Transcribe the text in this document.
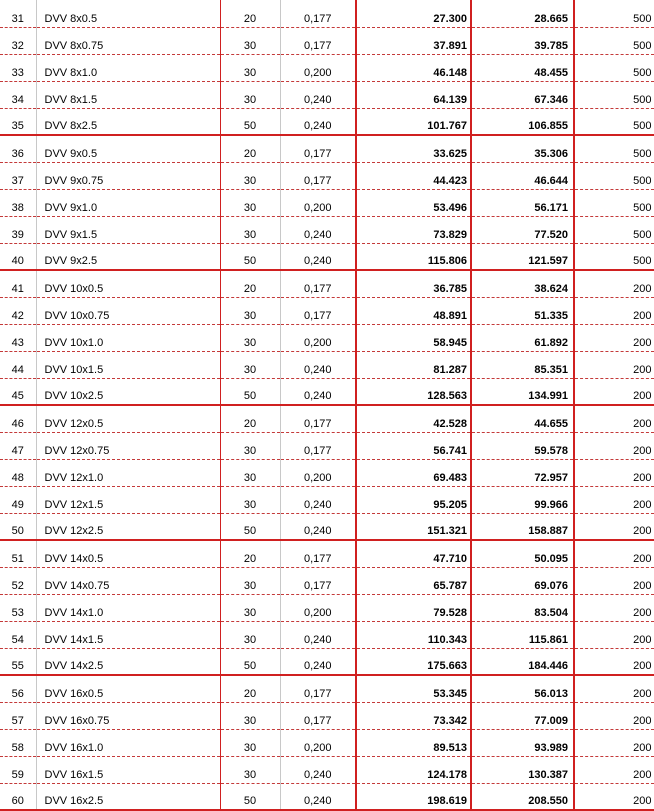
31	DVV 8x0.5	20	0,177	27.300	28.665	500
32	DVV 8x0.75	30	0,177	37.891	39.785	500
33	DVV 8x1.0	30	0,200	46.148	48.455	500
34	DVV 8x1.5	30	0,240	64.139	67.346	500
35	DVV 8x2.5	50	0,240	101.767	106.855	500
36	DVV 9x0.5	20	0,177	33.625	35.306	500
37	DVV 9x0.75	30	0,177	44.423	46.644	500
38	DVV 9x1.0	30	0,200	53.496	56.171	500
39	DVV 9x1.5	30	0,240	73.829	77.520	500
40	DVV 9x2.5	50	0,240	115.806	121.597	500
41	DVV 10x0.5	20	0,177	36.785	38.624	200
42	DVV 10x0.75	30	0,177	48.891	51.335	200
43	DVV 10x1.0	30	0,200	58.945	61.892	200
44	DVV 10x1.5	30	0,240	81.287	85.351	200
45	DVV 10x2.5	50	0,240	128.563	134.991	200
46	DVV 12x0.5	20	0,177	42.528	44.655	200
47	DVV 12x0.75	30	0,177	56.741	59.578	200
48	DVV 12x1.0	30	0,200	69.483	72.957	200
49	DVV 12x1.5	30	0,240	95.205	99.966	200
50	DVV 12x2.5	50	0,240	151.321	158.887	200
51	DVV 14x0.5	20	0,177	47.710	50.095	200
52	DVV 14x0.75	30	0,177	65.787	69.076	200
53	DVV 14x1.0	30	0,200	79.528	83.504	200
54	DVV 14x1.5	30	0,240	110.343	115.861	200
55	DVV 14x2.5	50	0,240	175.663	184.446	200
56	DVV 16x0.5	20	0,177	53.345	56.013	200
57	DVV 16x0.75	30	0,177	73.342	77.009	200
58	DVV 16x1.0	30	0,200	89.513	93.989	200
59	DVV 16x1.5	30	0,240	124.178	130.387	200
60	DVV 16x2.5	50	0,240	198.619	208.550	200
